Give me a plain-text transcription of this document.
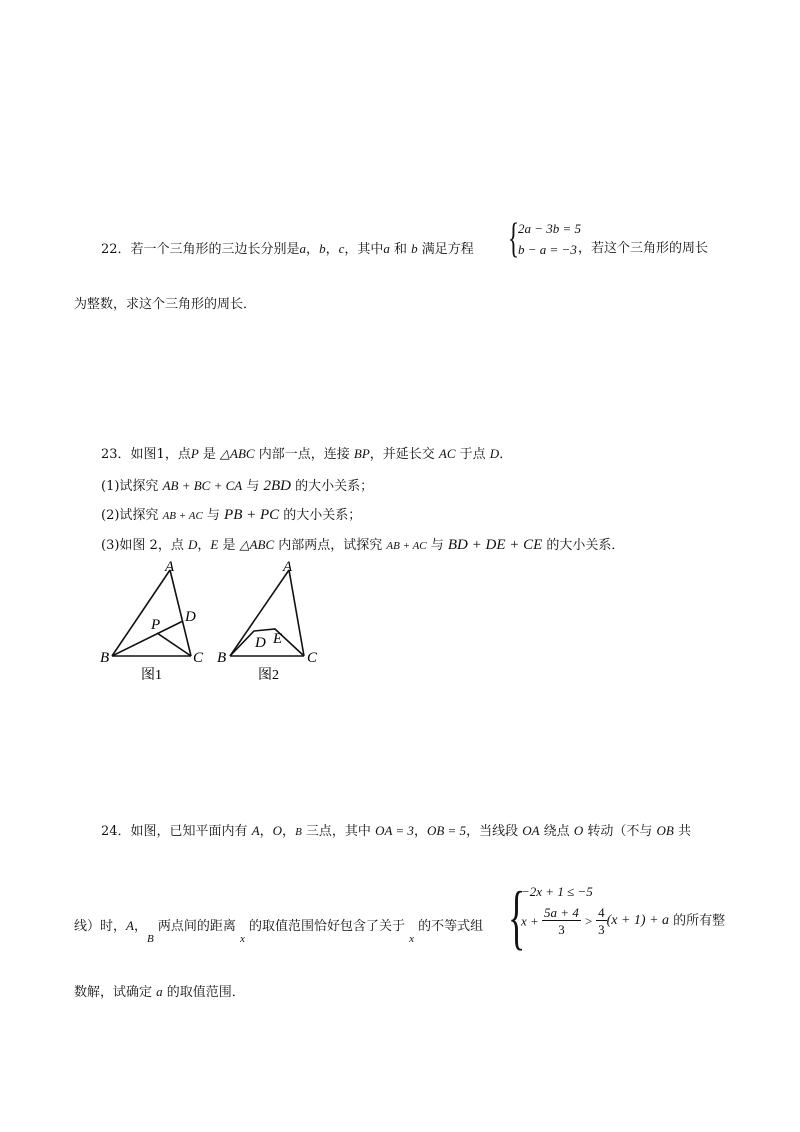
22．若一个三角形的三边长分别是a，b，c，其中a 和 b 满足方程 {
2a − 3b = 5
b − a = −3 ，若这个三角形的周长
为整数，求这个三角形的周长．
23．如图1，点P 是 △ABC 内部一点，连接 BP，并延长交 AC 于点 D．
(1)试探究 AB + BC + CA 与 2BD 的大小关系；
(2)试探究 AB + AC 与 PB + PC 的大小关系；
(3)如图 2，点 D，E 是 △ABC 内部两点，试探究 AB + AC 与 BD + DE + CE 的大小关系．
A
B	C
D
P
图1
A
B	C
D E
图2
24．如图，已知平面内有 A，O，B 三点，其中 OA = 3，OB = 5，当线段 OA 绕点 O 转动（不与 OB 共
线）时，A，$_B$ 两点间的距离 $_x$ 的取值范围恰好包含了关于 $_x$ 的不等式组 {
−2x + 1 ≤ −5
$x + \frac{5a + 4}{3} > \frac{4}{3} (x + 1) + a$ 的所有整
数解，试确定 a 的取值范围．
